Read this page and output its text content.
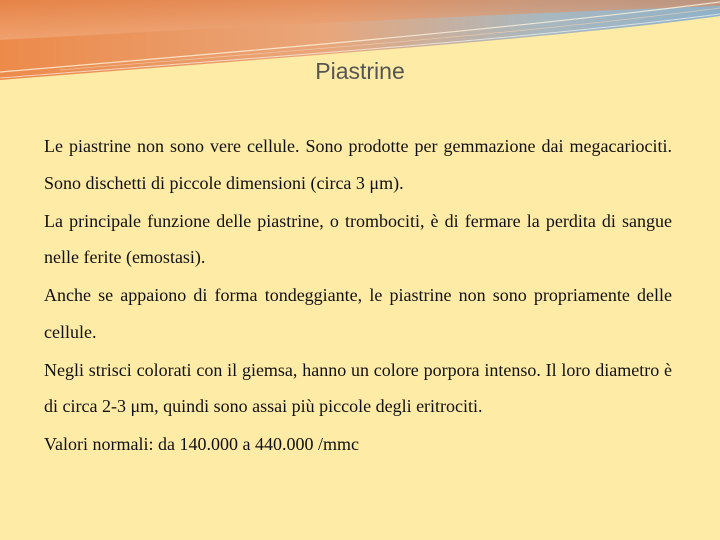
Piastrine

Le piastrine non sono vere cellule. Sono prodotte per gemmazione dai megacariociti. Sono dischetti di piccole dimensioni (circa 3 μm).

La principale funzione delle piastrine, o trombociti, è di fermare la perdita di sangue nelle ferite (emostasi).

Anche se appaiono di forma tondeggiante, le piastrine non sono propriamente delle cellule.

Negli strisci colorati con il giemsa, hanno un colore porpora intenso. Il loro diametro è di circa 2-3 μm, quindi sono assai più piccole degli eritrociti.

Valori normali: da 140.000 a 440.000 /mmc
